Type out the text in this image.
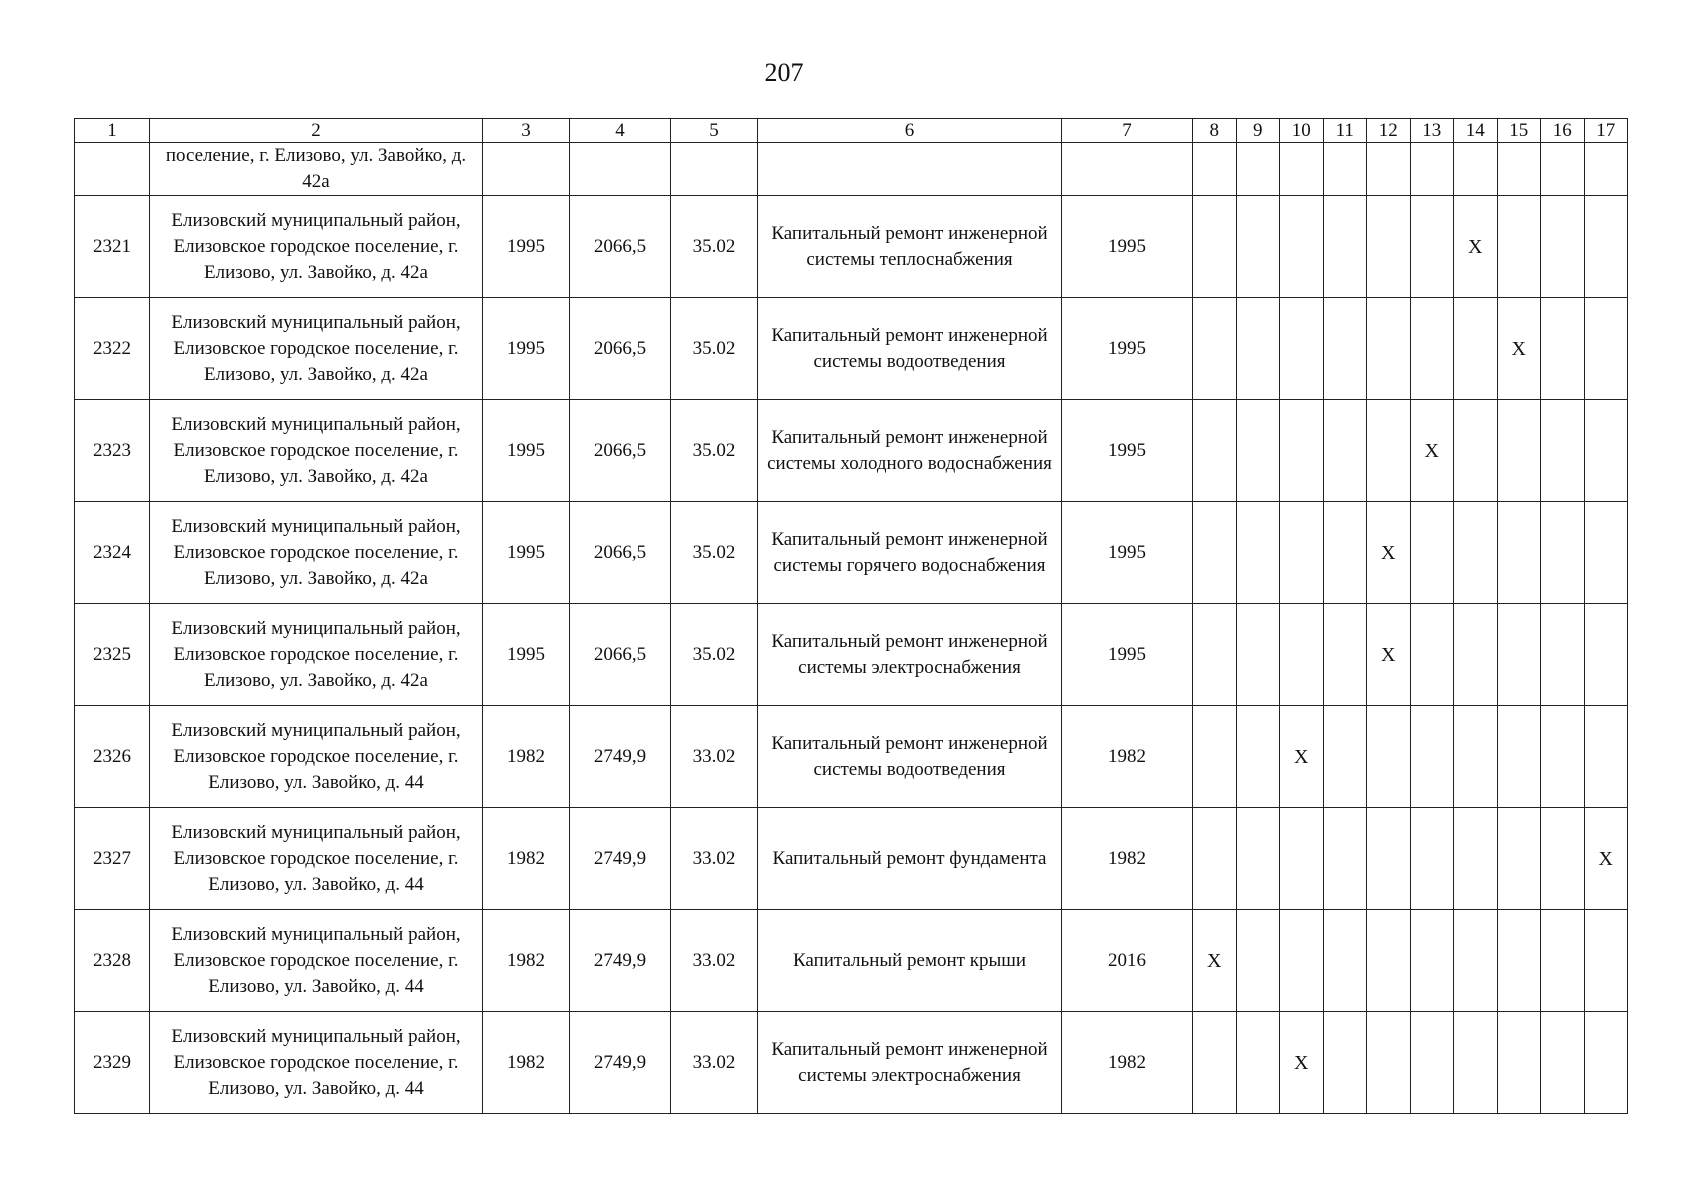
207
1	2	3	4	5	6	7	8	9	10	11	12	13	14	15	16	17
	поселение, г. Елизово, ул. Завойко, д. 42а															
2321	Елизовский муниципальный район, Елизовское городское поселение, г. Елизово, ул. Завойко, д. 42а	1995	2066,5	35.02	Капитальный ремонт инженерной системы теплоснабжения	1995							X			
2322	Елизовский муниципальный район, Елизовское городское поселение, г. Елизово, ул. Завойко, д. 42а	1995	2066,5	35.02	Капитальный ремонт инженерной системы водоотведения	1995								X		
2323	Елизовский муниципальный район, Елизовское городское поселение, г. Елизово, ул. Завойко, д. 42а	1995	2066,5	35.02	Капитальный ремонт инженерной системы холодного водоснабжения	1995						X				
2324	Елизовский муниципальный район, Елизовское городское поселение, г. Елизово, ул. Завойко, д. 42а	1995	2066,5	35.02	Капитальный ремонт инженерной системы горячего водоснабжения	1995					X					
2325	Елизовский муниципальный район, Елизовское городское поселение, г. Елизово, ул. Завойко, д. 42а	1995	2066,5	35.02	Капитальный ремонт инженерной системы электроснабжения	1995					X					
2326	Елизовский муниципальный район, Елизовское городское поселение, г. Елизово, ул. Завойко, д. 44	1982	2749,9	33.02	Капитальный ремонт инженерной системы водоотведения	1982			X							
2327	Елизовский муниципальный район, Елизовское городское поселение, г. Елизово, ул. Завойко, д. 44	1982	2749,9	33.02	Капитальный ремонт фундамента	1982										X
2328	Елизовский муниципальный район, Елизовское городское поселение, г. Елизово, ул. Завойко, д. 44	1982	2749,9	33.02	Капитальный ремонт крыши	2016	X									
2329	Елизовский муниципальный район, Елизовское городское поселение, г. Елизово, ул. Завойко, д. 44	1982	2749,9	33.02	Капитальный ремонт инженерной системы электроснабжения	1982			X							
